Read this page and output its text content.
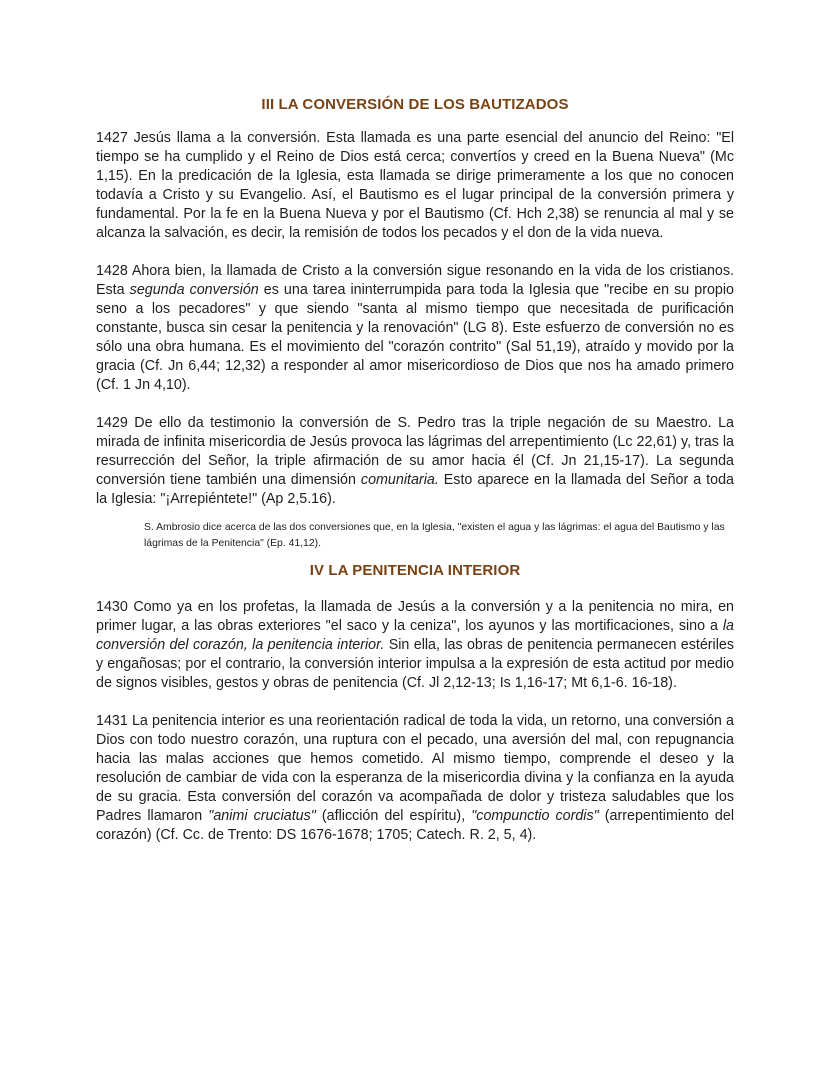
III LA CONVERSIÓN DE LOS BAUTIZADOS

1427 Jesús llama a la conversión. Esta llamada es una parte esencial del anuncio del Reino: "El tiempo se ha cumplido y el Reino de Dios está cerca; convertíos y creed en la Buena Nueva" (Mc 1,15). En la predicación de la Iglesia, esta llamada se dirige primeramente a los que no conocen todavía a Cristo y su Evangelio. Así, el Bautismo es el lugar principal de la conversión primera y fundamental. Por la fe en la Buena Nueva y por el Bautismo (Cf. Hch 2,38) se renuncia al mal y se alcanza la salvación, es decir, la remisión de todos los pecados y el don de la vida nueva.

1428 Ahora bien, la llamada de Cristo a la conversión sigue resonando en la vida de los cristianos. Esta segunda conversión es una tarea ininterrumpida para toda la Iglesia que "recibe en su propio seno a los pecadores" y que siendo "santa al mismo tiempo que necesitada de purificación constante, busca sin cesar la penitencia y la renovación" (LG 8). Este esfuerzo de conversión no es sólo una obra humana. Es el movimiento del "corazón contrito" (Sal 51,19), atraído y movido por la gracia (Cf. Jn 6,44; 12,32) a responder al amor misericordioso de Dios que nos ha amado primero (Cf. 1 Jn 4,10).

1429 De ello da testimonio la conversión de S. Pedro tras la triple negación de su Maestro. La mirada de infinita misericordia de Jesús provoca las lágrimas del arrepentimiento (Lc 22,61) y, tras la resurrección del Señor, la triple afirmación de su amor hacia él (Cf. Jn 21,15-17). La segunda conversión tiene también una dimensión comunitaria. Esto aparece en la llamada del Señor a toda la Iglesia: "¡Arrepiéntete!" (Ap 2,5.16).

S. Ambrosio dice acerca de las dos conversiones que, en la Iglesia, "existen el agua y las lágrimas: el agua del Bautismo y las lágrimas de la Penitencia" (Ep. 41,12).

IV LA PENITENCIA INTERIOR

1430 Como ya en los profetas, la llamada de Jesús a la conversión y a la penitencia no mira, en primer lugar, a las obras exteriores "el saco y la ceniza", los ayunos y las mortificaciones, sino a la conversión del corazón, la penitencia interior. Sin ella, las obras de penitencia permanecen estériles y engañosas; por el contrario, la conversión interior impulsa a la expresión de esta actitud por medio de signos visibles, gestos y obras de penitencia (Cf. Jl 2,12-13; Is 1,16-17; Mt 6,1-6. 16-18).

1431 La penitencia interior es una reorientación radical de toda la vida, un retorno, una conversión a Dios con todo nuestro corazón, una ruptura con el pecado, una aversión del mal, con repugnancia hacia las malas acciones que hemos cometido. Al mismo tiempo, comprende el deseo y la resolución de cambiar de vida con la esperanza de la misericordia divina y la confianza en la ayuda de su gracia. Esta conversión del corazón va acompañada de dolor y tristeza saludables que los Padres llamaron "animi cruciatus" (aflicción del espíritu), "compunctio cordis" (arrepentimiento del corazón) (Cf. Cc. de Trento: DS 1676-1678; 1705; Catech. R. 2, 5, 4).
